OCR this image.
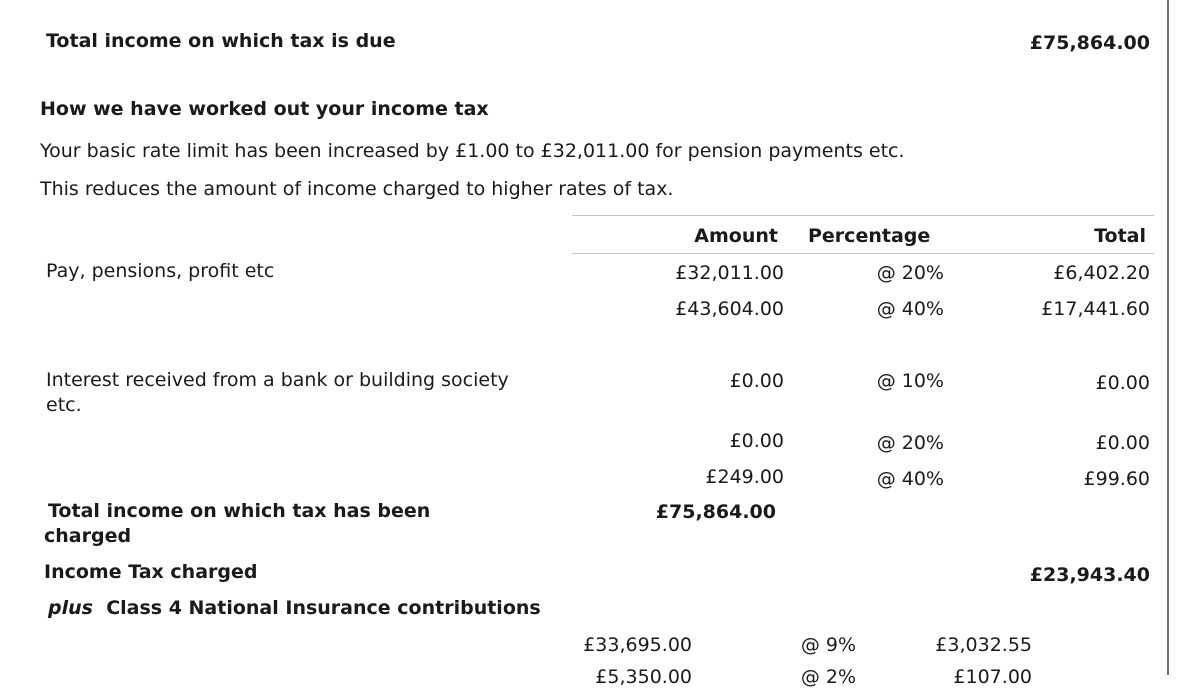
Total income on which tax is due	£75,864.00
How we have worked out your income tax
Your basic rate limit has been increased by £1.00 to £32,011.00 for pension payments etc.
This reduces the amount of income charged to higher rates of tax.
Amount Percentage	Total
Pay, pensions, profit etc	£32,011.00	@ 20%	£6,402.20
£43,604.00	@ 40%	£17,441.60
Interest received from a bank or building society
etc.
£0.00	@ 10%	£0.00
£0.00	@ 20%	£0.00
£249.00	@ 40%	£99.60
Total income on which tax has been
charged
£75,864.00
Income Tax charged	£23,943.40
plus Class 4 National Insurance contributions
£33,695.00	@ 9%	£3,032.55
£5,350.00	@ 2%	£107.00
